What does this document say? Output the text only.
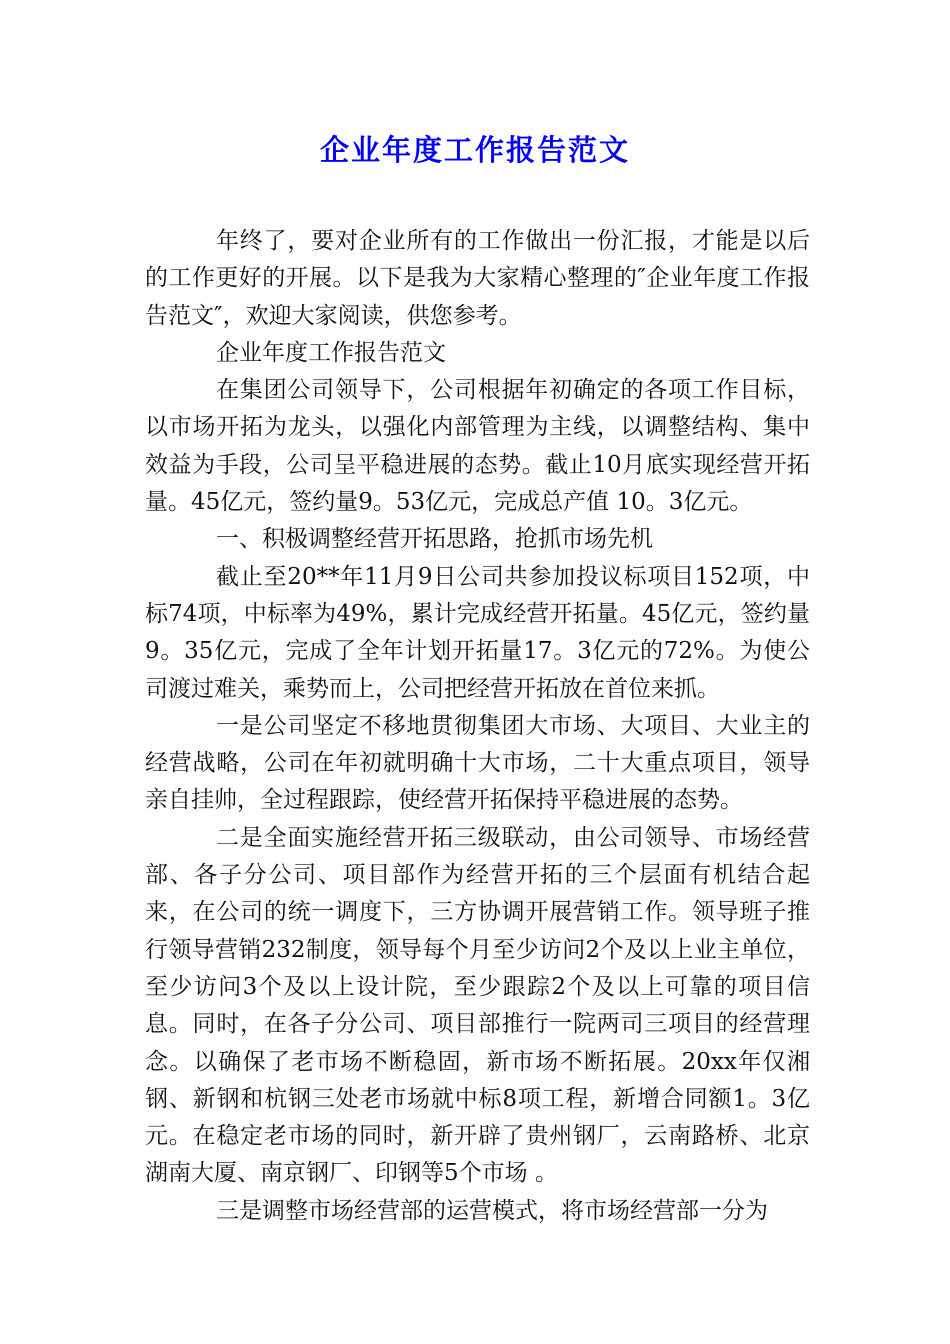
企业年度工作报告范文

年终了，要对企业所有的工作做出一份汇报，才能是以后的工作更好的开展。以下是我为大家精心整理的″企业年度工作报告范文″，欢迎大家阅读，供您参考。

企业年度工作报告范文

在集团公司领导下，公司根据年初确定的各项工作目标，以市场开拓为龙头，以强化内部管理为主线，以调整结构、集中效益为手段，公司呈平稳进展的态势。截止10月底实现经营开拓量。45亿元，签约量9。53亿元，完成总产值 10。3亿元。

一、积极调整经营开拓思路，抢抓市场先机

截止至20**年11月9日公司共参加投议标项目152项，中标74项，中标率为49%，累计完成经营开拓量。45亿元，签约量9。35亿元，完成了全年计划开拓量17。3亿元的72%。为使公司渡过难关，乘势而上，公司把经营开拓放在首位来抓。

一是公司坚定不移地贯彻集团大市场、大项目、大业主的经营战略，公司在年初就明确十大市场，二十大重点项目，领导亲自挂帅，全过程跟踪，使经营开拓保持平稳进展的态势。

二是全面实施经营开拓三级联动，由公司领导、市场经营部、各子分公司、项目部作为经营开拓的三个层面有机结合起来，在公司的统一调度下，三方协调开展营销工作。领导班子推行领导营销232制度，领导每个月至少访问2个及以上业主单位，至少访问3个及以上设计院，至少跟踪2个及以上可靠的项目信息。同时，在各子分公司、项目部推行一院两司三项目的经营理念。以确保了老市场不断稳固，新市场不断拓展。20xx年仅湘钢、新钢和杭钢三处老市场就中标8项工程，新增合同额1。3亿元。在稳定老市场的同时，新开辟了贵州钢厂，云南路桥、北京湖南大厦、南京钢厂、印钢等5个市场 。

三是调整市场经营部的运营模式，将市场经营部一分为
